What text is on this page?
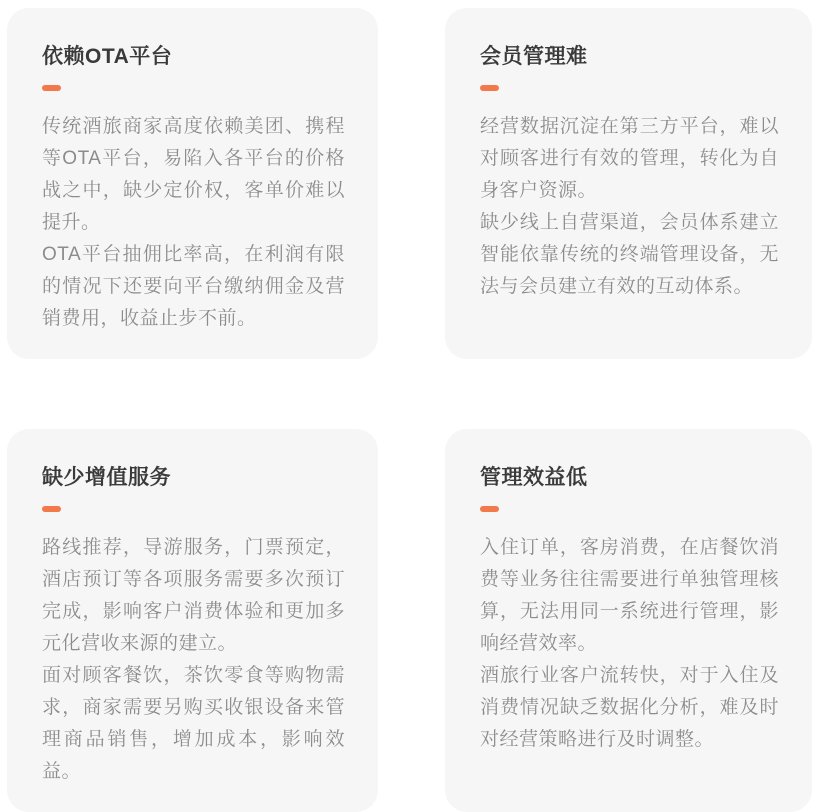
依赖OTA平台

传统酒旅商家高度依赖美团、携程等OTA平台，易陷入各平台的价格战之中，缺少定价权，客单价难以提升。

OTA平台抽佣比率高，在利润有限的情况下还要向平台缴纳佣金及营销费用，收益止步不前。

会员管理难

经营数据沉淀在第三方平台，难以对顾客进行有效的管理，转化为自身客户资源。

缺少线上自营渠道，会员体系建立智能依靠传统的终端管理设备，无法与会员建立有效的互动体系。

缺少增值服务

路线推荐，导游服务，门票预定，酒店预订等各项服务需要多次预订完成，影响客户消费体验和更加多元化营收来源的建立。

面对顾客餐饮，茶饮零食等购物需求，商家需要另购买收银设备来管理商品销售，增加成本，影响效益。

管理效益低

入住订单，客房消费，在店餐饮消费等业务往往需要进行单独管理核算，无法用同一系统进行管理，影响经营效率。

酒旅行业客户流转快，对于入住及消费情况缺乏数据化分析，难及时对经营策略进行及时调整。
